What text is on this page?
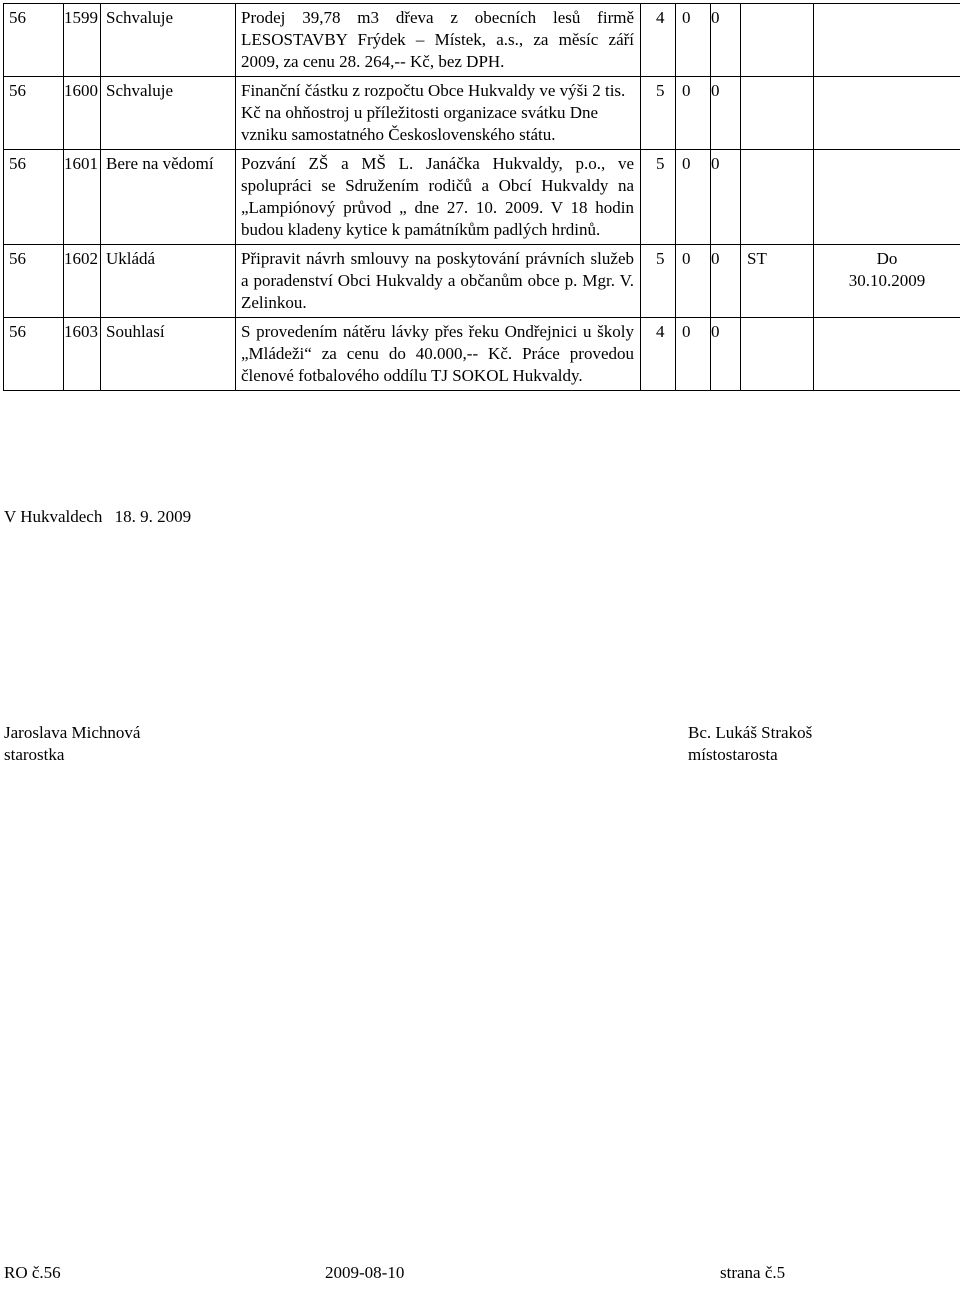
56	1599	Schvaluje	Prodej 39,78 m3 dřeva z obecních lesů firmě LESOSTAVBY Frýdek – Místek, a.s., za měsíc září 2009, za cenu 28. 264,-- Kč, bez DPH.	4	0	0		
56	1600	Schvaluje	Finanční částku z rozpočtu Obce Hukvaldy ve výši 2 tis. Kč na ohňostroj u příležitosti organizace svátku Dne vzniku samostatného Československého státu.	5	0	0		
56	1601	Bere na vědomí	Pozvání ZŠ a MŠ L. Janáčka Hukvaldy, p.o., ve spolupráci se Sdružením rodičů a Obcí Hukvaldy na „Lampiónový průvod „ dne 27. 10. 2009. V 18 hodin budou kladeny kytice k památníkům padlých hrdinů.	5	0	0		
56	1602	Ukládá	Připravit návrh smlouvy na poskytování právních služeb a poradenství Obci Hukvaldy a občanům obce p. Mgr. V. Zelinkou.	5	0	0	ST	Do 30.10.2009
56	1603	Souhlasí	S provedením nátěru lávky přes řeku Ondřejnici u školy „Mládeži“ za cenu do 40.000,-- Kč. Práce provedou členové fotbalového oddílu TJ SOKOL Hukvaldy.	4	0	0		
V Hukvaldech 18. 9. 2009
Jaroslava Michnová
starostka
Bc. Lukáš Strakoš
místostarosta
RO č.56	2009-08-10	strana č.5
